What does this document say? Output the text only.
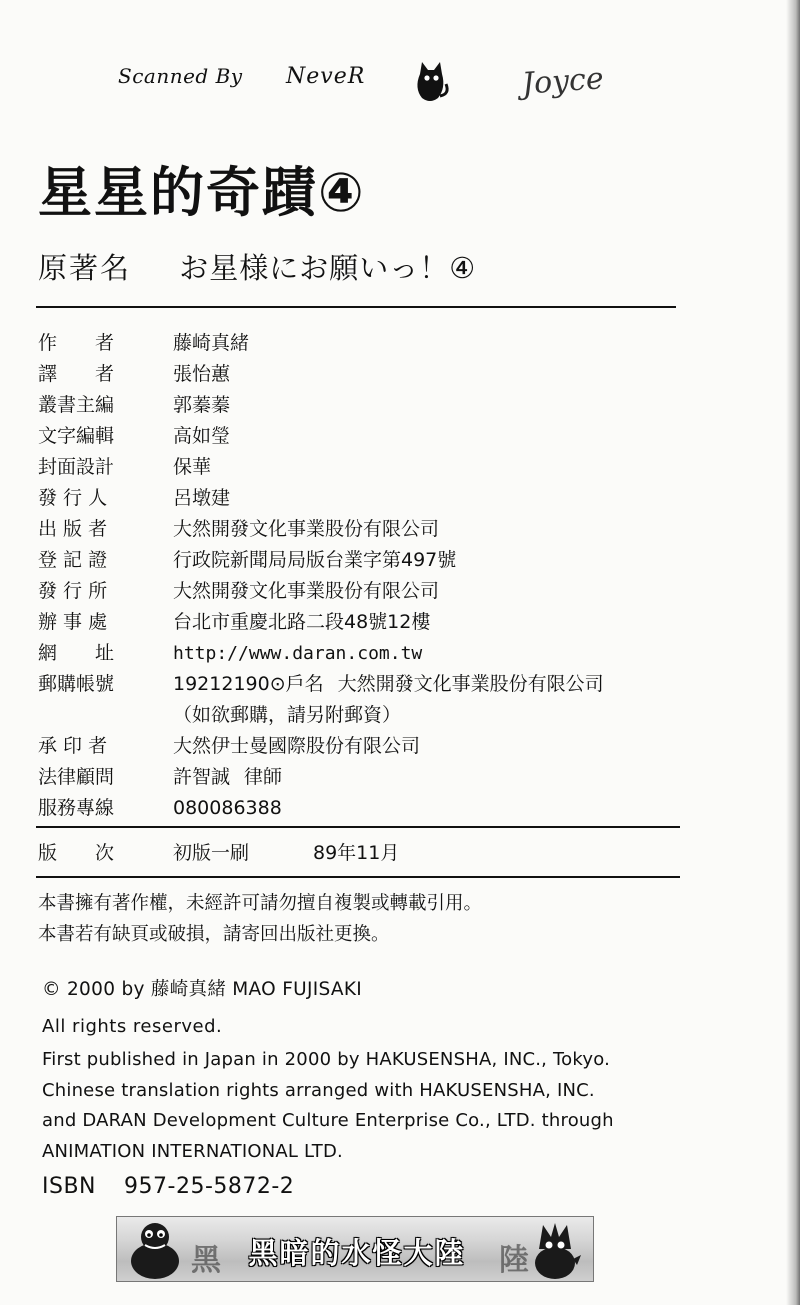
Scanned By NeveR	Joyce
星星的奇蹟④
原著名 お星様にお願いっ！④
作　　者	藤崎真緒
譯　　者	張怡蕙
叢書主編	郭蓁蓁
文字編輯	高如瑩
封面設計	保華
發 行 人	呂墩建
出 版 者	大然開發文化事業股份有限公司
登 記 證	行政院新聞局局版台業字第497號
發 行 所	大然開發文化事業股份有限公司
辦 事 處	台北市重慶北路二段48號12樓
網　　址	http://www.daran.com.tw
郵購帳號	19212190⊙戶名 大然開發文化事業股份有限公司
（如欲郵購，請另附郵資）
承 印 者	大然伊士曼國際股份有限公司
法律顧問	許智誠 律師
服務專線	080086388
版　　次	初版一刷	89年11月
本書擁有著作權，未經許可請勿擅自複製或轉載引用。
本書若有缺頁或破損，請寄回出版社更換。
© 2000 by 藤崎真緒 MAO FUJISAKI
All rights reserved.
First published in Japan in 2000 by HAKUSENSHA, INC., Tokyo.
Chinese translation rights arranged with HAKUSENSHA, INC.
and DARAN Development Culture Enterprise Co., LTD. through
ANIMATION INTERNATIONAL LTD.
ISBN 957-25-5872-2
黑 黑暗的水怪大陸	陸
